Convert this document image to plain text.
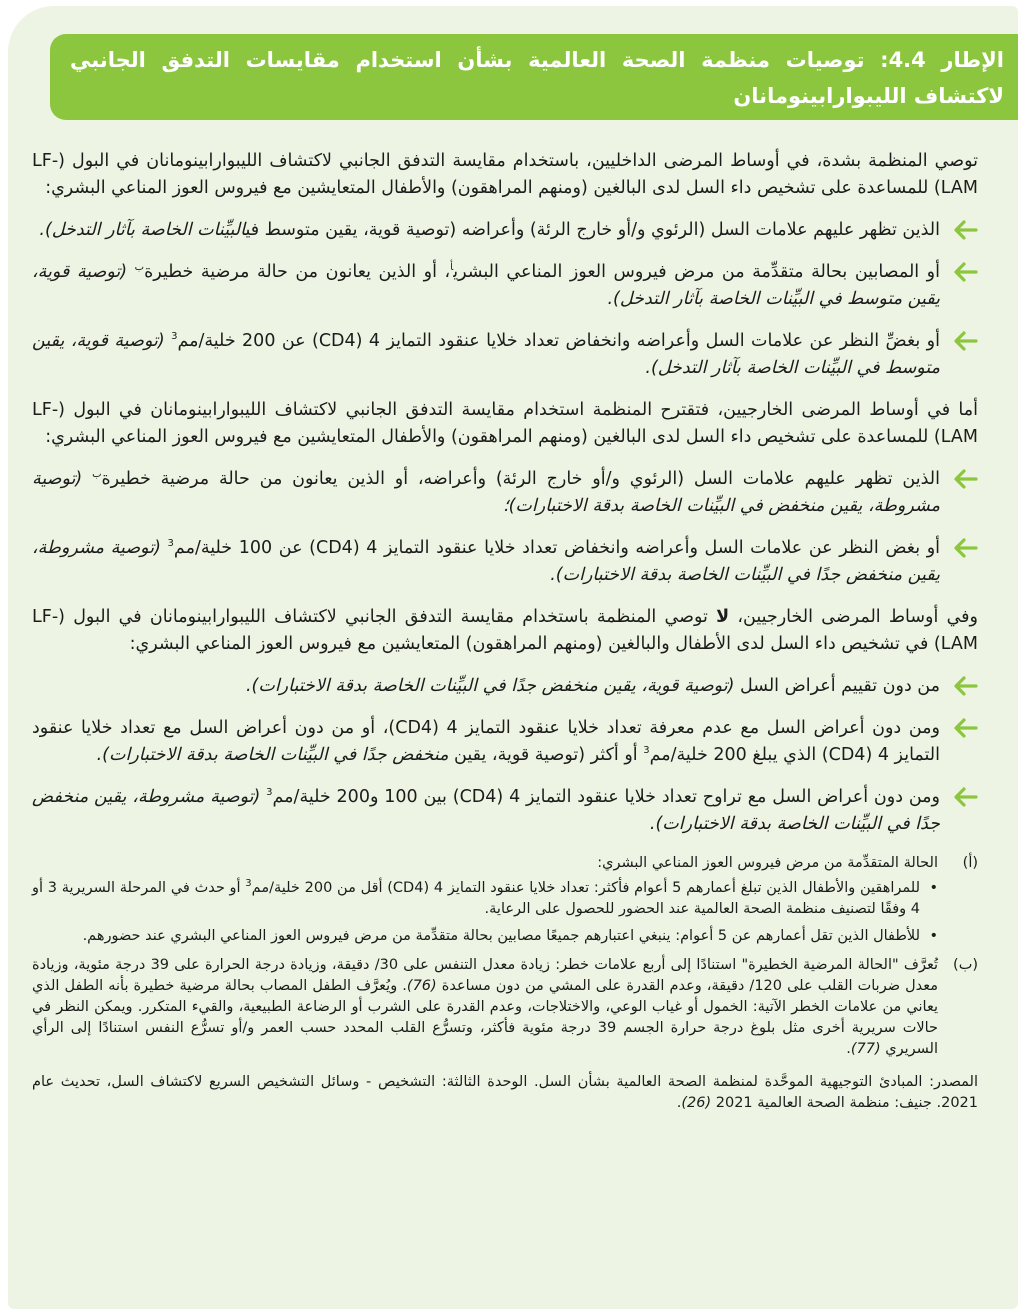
الإطار 4.4: توصيات منظمة الصحة العالمية بشأن استخدام مقايسات التدفق الجانبي لاكتشاف الليبوارابينومانان

توصي المنظمة بشدة، في أوساط المرضى الداخليين، باستخدام مقايسة التدفق الجانبي لاكتشاف الليبوارابينومانان في البول (LF-LAM) للمساعدة على تشخيص داء السل لدى البالغين (ومنهم المراهقون) والأطفال المتعايشين مع فيروس العوز المناعي البشري:

الذين تظهر عليهم علامات السل (الرئوي و/أو خارج الرئة) وأعراضه (توصية قوية، يقين متوسط فيالبيِّنات الخاصة بآثار التدخل).
أو المصابين بحالة متقدِّمة من مرض فيروس العوز المناعي البشري$^أ$، أو الذين يعانون من حالة مرضية خطيرة$^ب$ (توصية قوية، يقين متوسط في البيِّنات الخاصة بآثار التدخل).
أو بغضِّ النظر عن علامات السل وأعراضه وانخفاض تعداد خلايا عنقود التمايز 4 (CD4) عن 200 خلية/مم$^3$ (توصية قوية، يقين متوسط في البيِّنات الخاصة بآثار التدخل).

أما في أوساط المرضى الخارجيين، فتقترح المنظمة استخدام مقايسة التدفق الجانبي لاكتشاف الليبوارابينومانان في البول (LF-LAM) للمساعدة على تشخيص داء السل لدى البالغين (ومنهم المراهقون) والأطفال المتعايشين مع فيروس العوز المناعي البشري:

الذين تظهر عليهم علامات السل (الرئوي و/أو خارج الرئة) وأعراضه، أو الذين يعانون من حالة مرضية خطيرة$^ب$ (توصية مشروطة، يقين منخفض في البيِّنات الخاصة بدقة الاختبارات)؛
أو بغض النظر عن علامات السل وأعراضه وانخفاض تعداد خلايا عنقود التمايز 4 (CD4) عن 100 خلية/مم$^3$ (توصية مشروطة، يقين منخفض جدًا في البيِّنات الخاصة بدقة الاختبارات).

وفي أوساط المرضى الخارجيين، لا توصي المنظمة باستخدام مقايسة التدفق الجانبي لاكتشاف الليبوارابينومانان في البول (LF-LAM) في تشخيص داء السل لدى الأطفال والبالغين (ومنهم المراهقون) المتعايشين مع فيروس العوز المناعي البشري:

من دون تقييم أعراض السل (توصية قوية، يقين منخفض جدًا في البيِّنات الخاصة بدقة الاختبارات).
ومن دون أعراض السل مع عدم معرفة تعداد خلايا عنقود التمايز 4 (CD4)، أو من دون أعراض السل مع تعداد خلايا عنقود التمايز 4 (CD4) الذي يبلغ 200 خلية/مم$^3$ أو أكثر (توصية قوية، يقين منخفض جدًا في البيِّنات الخاصة بدقة الاختبارات).
ومن دون أعراض السل مع تراوح تعداد خلايا عنقود التمايز 4 (CD4) بين 100 و200 خلية/مم$^3$ (توصية مشروطة، يقين منخفض جدًا في البيِّنات الخاصة بدقة الاختبارات).
(أ)
الحالة المتقدِّمة من مرض فيروس العوز المناعي البشري:
•
للمراهقين والأطفال الذين تبلغ أعمارهم 5 أعوام فأكثر: تعداد خلايا عنقود التمايز 4 (CD4) أقل من 200 خلية/مم$^3$ أو حدث في المرحلة السريرية 3 أو 4 وفقًا لتصنيف منظمة الصحة العالمية عند الحضور للحصول على الرعاية.
•
للأطفال الذين تقل أعمارهم عن 5 أعوام: ينبغي اعتبارهم جميعًا مصابين بحالة متقدِّمة من مرض فيروس العوز المناعي البشري عند حضورهم.
(ب)
تُعرَّف "الحالة المرضية الخطيرة" استنادًا إلى أربع علامات خطر: زيادة معدل التنفس على 30/ دقيقة، وزيادة درجة الحرارة على 39 درجة مئوية، وزيادة معدل ضربات القلب على 120/ دقيقة، وعدم القدرة على المشي من دون مساعدة (76). ويُعرَّف الطفل المصاب بحالة مرضية خطيرة بأنه الطفل الذي يعاني من علامات الخطر الآتية: الخمول أو غياب الوعي، والاختلاجات، وعدم القدرة على الشرب أو الرضاعة الطبيعية، والقيء المتكرر. ويمكن النظر في حالات سريرية أخرى مثل بلوغ درجة حرارة الجسم 39 درجة مئوية فأكثر، وتسرُّع القلب المحدد حسب العمر و/أو تسرُّع النفس استنادًا إلى الرأي السريري (77).
المصدر: المبادئ التوجيهية الموحَّدة لمنظمة الصحة العالمية بشأن السل. الوحدة الثالثة: التشخيص - وسائل التشخيص السريع لاكتشاف السل، تحديث عام 2021. جنيف: منظمة الصحة العالمية 2021 (26).
